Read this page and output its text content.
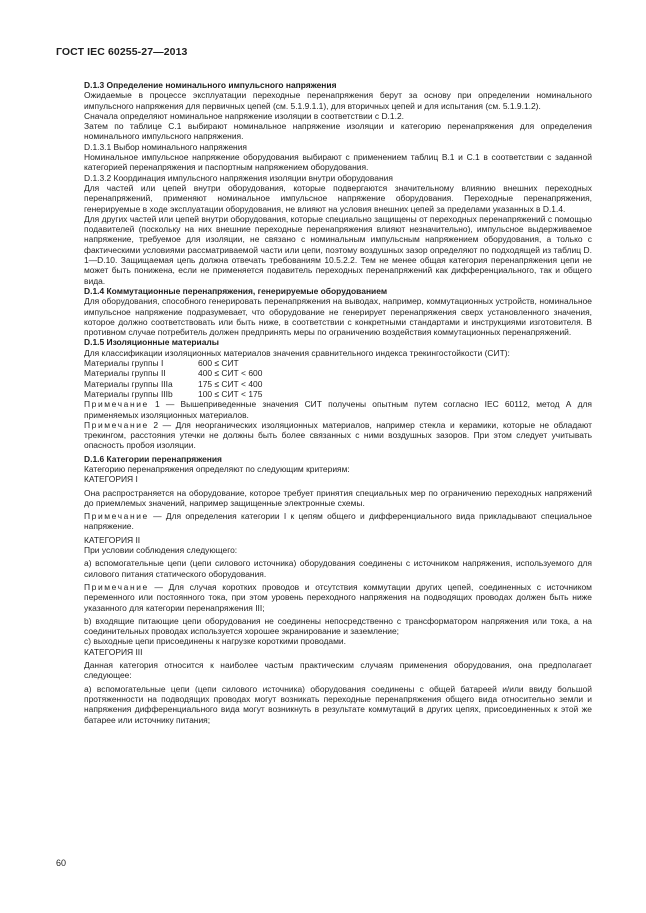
ГОСТ IEC 60255-27—2013

D.1.3 Определение номинального импульсного напряжения

Ожидаемые в процессе эксплуатации переходные перенапряжения берут за основу при определении номинального импульсного напряжения для первичных цепей (см. 5.1.9.1.1), для вторичных цепей и для испытания (см. 5.1.9.1.2).

Сначала определяют номинальное напряжение изоляции в соответствии с D.1.2.

Затем по таблице С.1 выбирают номинальное напряжение изоляции и категорию перенапряжения для определения номинального импульсного напряжения.

D.1.3.1 Выбор номинального напряжения

Номинальное импульсное напряжение оборудования выбирают с применением таблиц В.1 и С.1 в соответствии с заданной категорией перенапряжения и паспортным напряжением оборудования.

D.1.3.2 Координация импульсного напряжения изоляции внутри оборудования

Для частей или цепей внутри оборудования, которые подвергаются значительному влиянию внешних переходных перенапряжений, применяют номинальное импульсное напряжение оборудования. Переходные перенапряжения, генерируемые в ходе эксплуатации оборудования, не влияют на условия внешних цепей за пределами указанных в D.1.4.

Для других частей или цепей внутри оборудования, которые специально защищены от переходных перенапряжений с помощью подавителей (поскольку на них внешние переходные перенапряжения влияют незначительно), импульсное выдерживаемое напряжение, требуемое для изоляции, не связано с номинальным импульсным напряжением оборудования, а только с фактическими условиями рассматриваемой части или цепи, поэтому воздушных зазор определяют по подходящей из таблиц D. 1—D.10. Защищаемая цепь должна отвечать требованиям 10.5.2.2. Тем не менее общая категория перенапряжения цепи не может быть понижена, если не применяется подавитель переходных перенапряжений как дифференциального, так и общего вида.

D.1.4 Коммутационные перенапряжения, генерируемые оборудованием

Для оборудования, способного генерировать перенапряжения на выводах, например, коммутационных устройств, номинальное импульсное напряжение подразумевает, что оборудование не генерирует перенапряжения сверх установленного значения, которое должно соответствовать или быть ниже, в соответствии с конкретными стандартами и инструкциями изготовителя. В противном случае потребитель должен предпринять меры по ограничению воздействия коммутационных перенапряжений.

D.1.5 Изоляционные материалы

Для классификации изоляционных материалов значения сравнительного индекса трекингостойкости (СИТ):

Материалы группы I	600 ≤ СИТ
Материалы группы II	400 ≤ СИТ < 600
Материалы группы IIIa	175 ≤ СИТ < 400
Материалы группы IIIb	100 ≤ СИТ < 175

Примечание 1 — Вышеприведенные значения СИТ получены опытным путем согласно IEC 60112, метод А для применяемых изоляционных материалов.

Примечание 2 — Для неорганических изоляционных материалов, например стекла и керамики, которые не обладают трекингом, расстояния утечки не должны быть более связанных с ними воздушных зазоров. При этом следует учитывать опасность пробоя изоляции.

D.1.6 Категории перенапряжения

Категорию перенапряжения определяют по следующим критериям:

КАТЕГОРИЯ I

Она распространяется на оборудование, которое требует принятия специальных мер по ограничению переходных напряжений до приемлемых значений, например защищенные электронные схемы.

Примечание — Для определения категории I к цепям общего и дифференциального вида прикладывают специальное напряжение.

КАТЕГОРИЯ II

При условии соблюдения следующего:

а) вспомогательные цепи (цепи силового источника) оборудования соединены с источником напряжения, используемого для силового питания статического оборудования.

Примечание — Для случая коротких проводов и отсутствия коммутации других цепей, соединенных с источником переменного или постоянного тока, при этом уровень переходного напряжения на подводящих проводах должен быть ниже указанного для категории перенапряжения III;

b) входящие питающие цепи оборудования не соединены непосредственно с трансформатором напряжения или тока, а на соединительных проводах используется хорошее экранирование и заземление;

с) выходные цепи присоединены к нагрузке короткими проводами.

КАТЕГОРИЯ III

Данная категория относится к наиболее частым практическим случаям применения оборудования, она предполагает следующее:

а) вспомогательные цепи (цепи силового источника) оборудования соединены с общей батареей и/или ввиду большой протяженности на подводящих проводах могут возникать переходные перенапряжения общего вида относительно земли и напряжения дифференциального вида могут возникнуть в результате коммутаций в других цепях, присоединенных к этой же батарее или источнику питания;

60
